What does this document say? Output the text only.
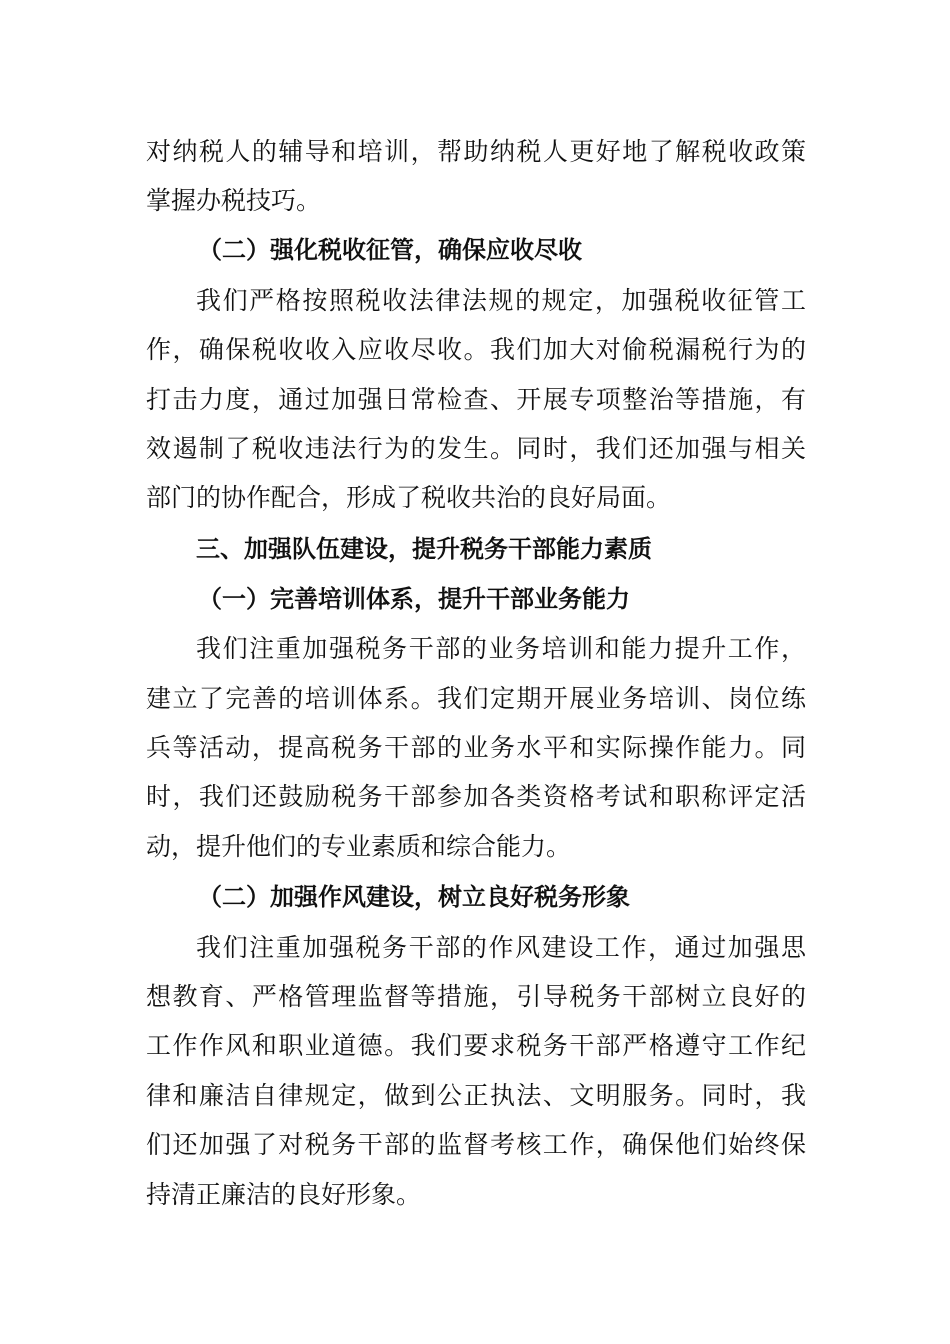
对纳税人的辅导和培训，帮助纳税人更好地了解税收政策
掌握办税技巧。
（二）强化税收征管，确保应收尽收
我们严格按照税收法律法规的规定，加强税收征管工
作，确保税收收入应收尽收。我们加大对偷税漏税行为的
打击力度，通过加强日常检查、开展专项整治等措施，有
效遏制了税收违法行为的发生。同时，我们还加强与相关
部门的协作配合，形成了税收共治的良好局面。
三、加强队伍建设，提升税务干部能力素质
（一）完善培训体系，提升干部业务能力
我们注重加强税务干部的业务培训和能力提升工作，
建立了完善的培训体系。我们定期开展业务培训、岗位练
兵等活动，提高税务干部的业务水平和实际操作能力。同
时，我们还鼓励税务干部参加各类资格考试和职称评定活
动，提升他们的专业素质和综合能力。
（二）加强作风建设，树立良好税务形象
我们注重加强税务干部的作风建设工作，通过加强思
想教育、严格管理监督等措施，引导税务干部树立良好的
工作作风和职业道德。我们要求税务干部严格遵守工作纪
律和廉洁自律规定，做到公正执法、文明服务。同时，我
们还加强了对税务干部的监督考核工作，确保他们始终保
持清正廉洁的良好形象。
